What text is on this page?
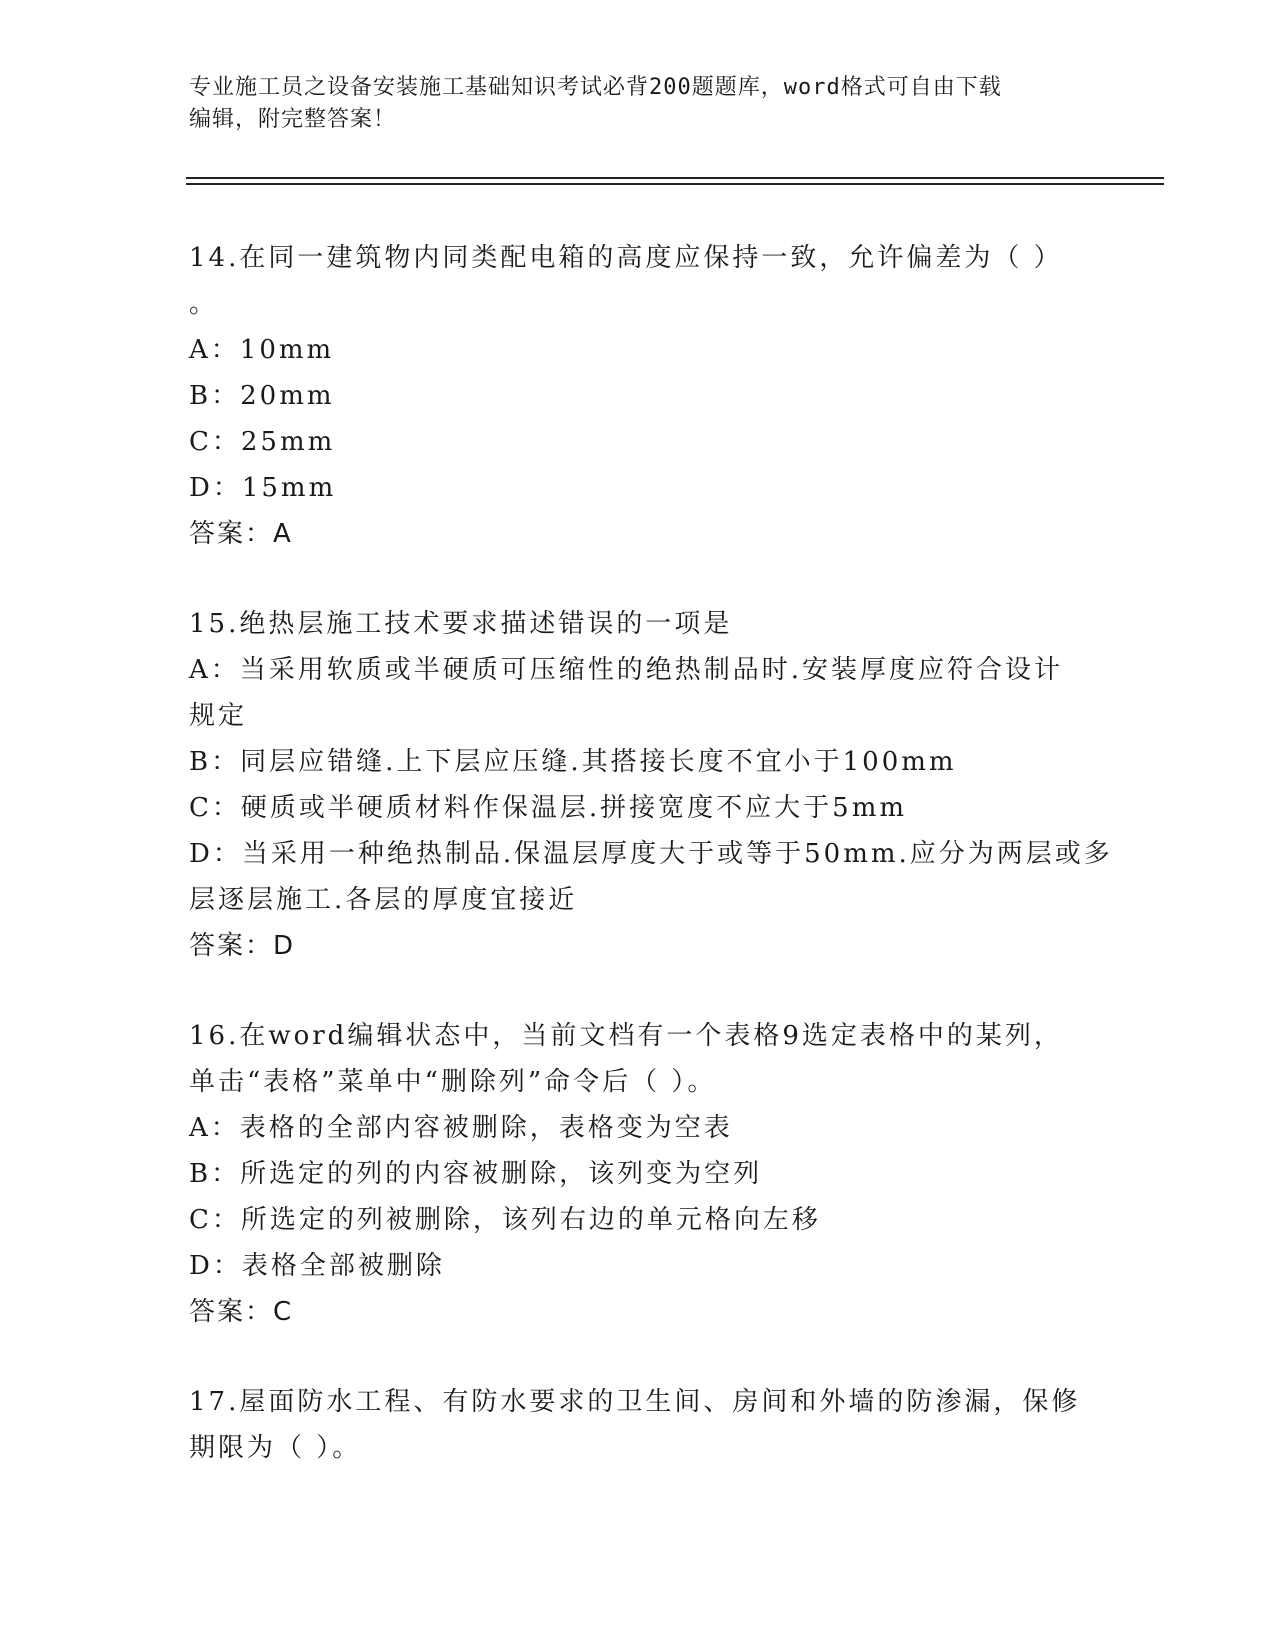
专业施工员之设备安装施工基础知识考试必背200题题库，word格式可自由下载
编辑，附完整答案！
14.在同一建筑物内同类配电箱的高度应保持一致，允许偏差为（ ）
。
A：10mm
B：20mm
C：25mm
D：15mm
答案：A
15.绝热层施工技术要求描述错误的一项是
A：当采用软质或半硬质可压缩性的绝热制品时.安装厚度应符合设计
规定
B：同层应错缝.上下层应压缝.其搭接长度不宜小于100mm
C：硬质或半硬质材料作保温层.拼接宽度不应大于5mm
D：当采用一种绝热制品.保温层厚度大于或等于50mm.应分为两层或多
层逐层施工.各层的厚度宜接近
答案：D
16.在word编辑状态中，当前文档有一个表格9选定表格中的某列，
单击“表格”菜单中“删除列”命令后（ ）。
A：表格的全部内容被删除，表格变为空表
B：所选定的列的内容被删除，该列变为空列
C：所选定的列被删除，该列右边的单元格向左移
D：表格全部被删除
答案：C
17.屋面防水工程、有防水要求的卫生间、房间和外墙的防渗漏，保修
期限为（ ）。
